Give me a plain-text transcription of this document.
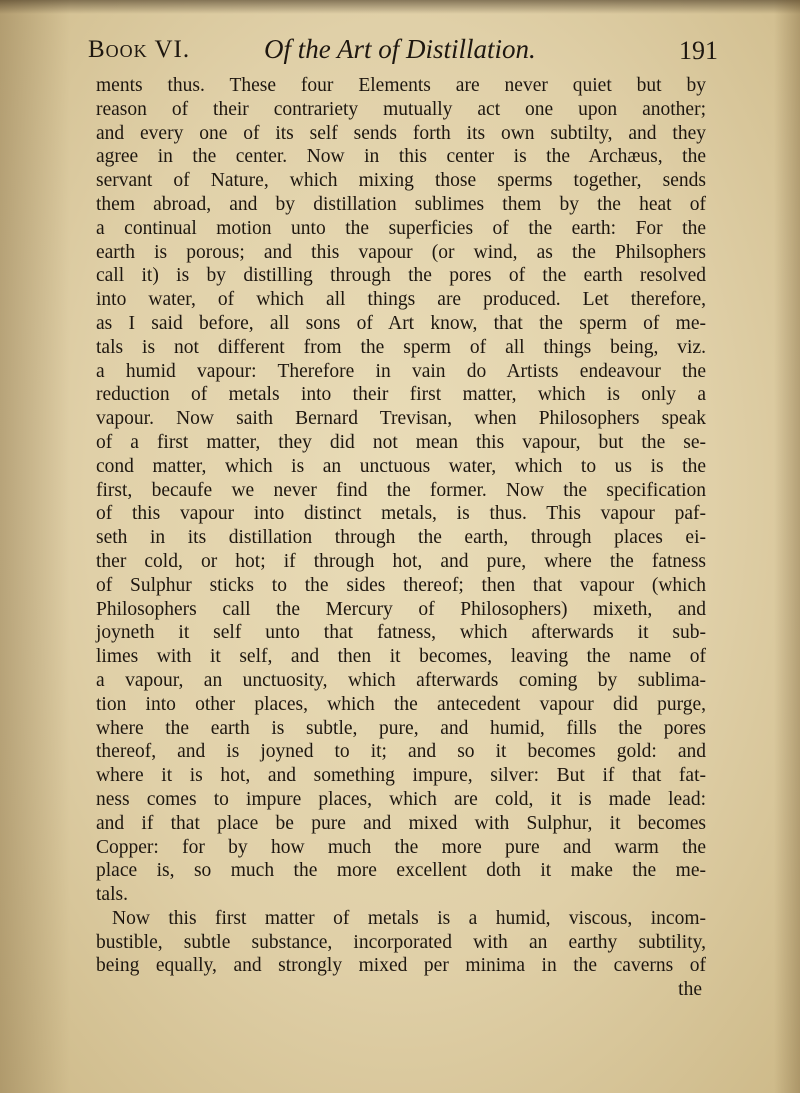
Book VI.	Of the Art of Distillation.	191
ments thus. These four Elements are never quiet but by
reason of their contrariety mutually act one upon another;
and every one of its self sends forth its own subtilty, and they
agree in the center. Now in this center is the Archæus, the
servant of Nature, which mixing those sperms together, sends
them abroad, and by distillation sublimes them by the heat of
a continual motion unto the superficies of the earth: For the
earth is porous; and this vapour (or wind, as the Philsophers
call it) is by distilling through the pores of the earth resolved
into water, of which all things are produced. Let therefore,
as I said before, all sons of Art know, that the sperm of me-
tals is not different from the sperm of all things being, viz.
a humid vapour: Therefore in vain do Artists endeavour the
reduction of metals into their first matter, which is only a
vapour. Now saith Bernard Trevisan, when Philosophers speak
of a first matter, they did not mean this vapour, but the se-
cond matter, which is an unctuous water, which to us is the
first, becaufe we never find the former. Now the specification
of this vapour into distinct metals, is thus. This vapour paf-
seth in its distillation through the earth, through places ei-
ther cold, or hot; if through hot, and pure, where the fatness
of Sulphur sticks to the sides thereof; then that vapour (which
Philosophers call the Mercury of Philosophers) mixeth, and
joyneth it self unto that fatness, which afterwards it sub-
limes with it self, and then it becomes, leaving the name of
a vapour, an unctuosity, which afterwards coming by sublima-
tion into other places, which the antecedent vapour did purge,
where the earth is subtle, pure, and humid, fills the pores
thereof, and is joyned to it; and so it becomes gold: and
where it is hot, and something impure, silver: But if that fat-
ness comes to impure places, which are cold, it is made lead:
and if that place be pure and mixed with Sulphur, it becomes
Copper: for by how much the more pure and warm the
place is, so much the more excellent doth it make the me-
tals.
Now this first matter of metals is a humid, viscous, incom-
bustible, subtle substance, incorporated with an earthy subtility,
being equally, and strongly mixed per minima in the caverns of
the
